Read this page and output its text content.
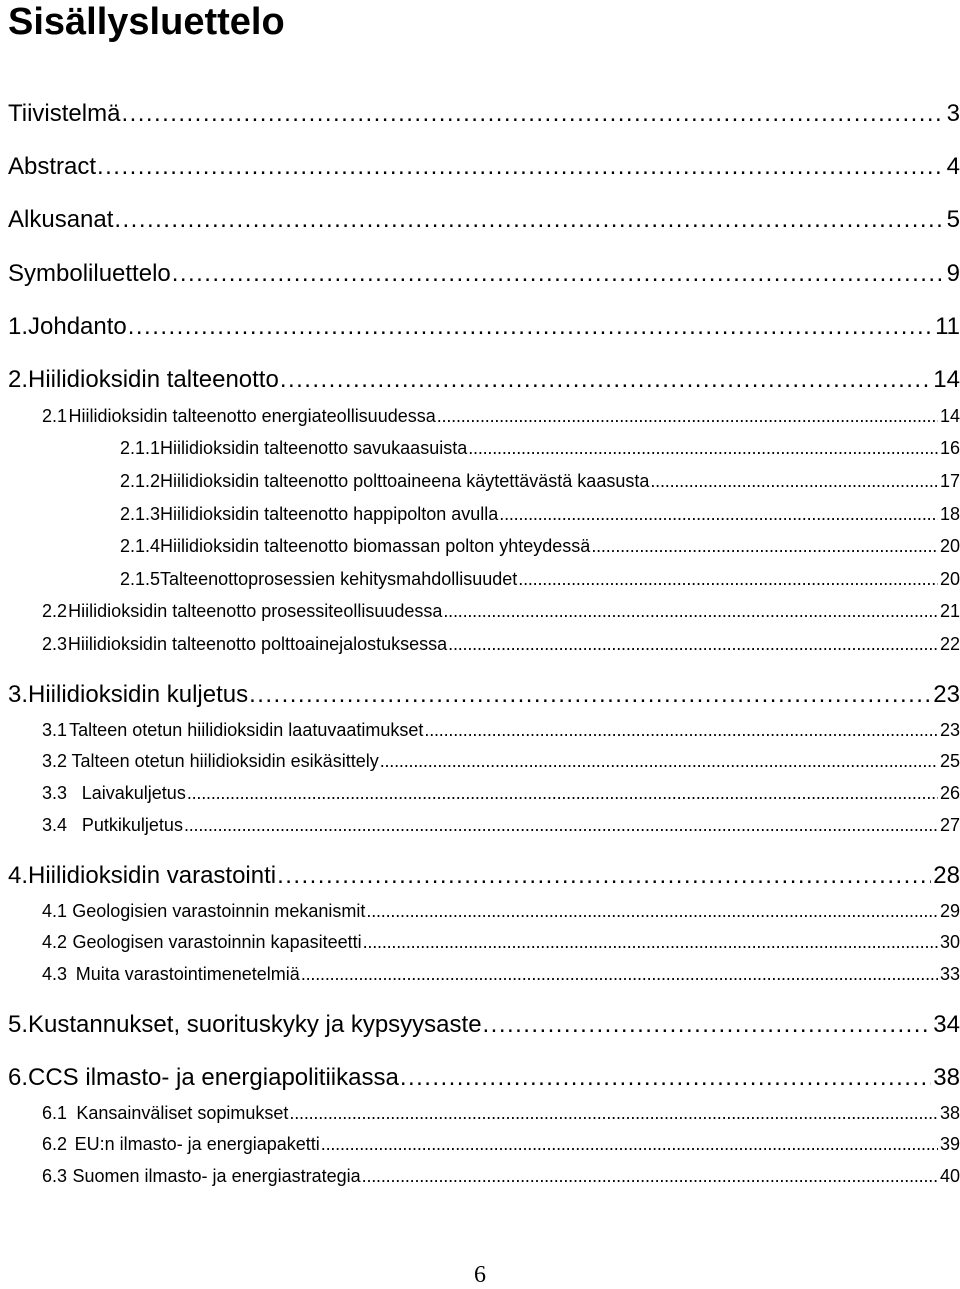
Sisällysluettelo
Tiivistelmä . . .	3
Abstract . . .	4
Alkusanat . . .	5
Symboliluettelo . . .	9
1. Johdanto . . .	11
2. Hiilidioksidin talteenotto . . .	14
2.1 Hiilidioksidin talteenotto energiateollisuudessa . . .	14
2.1.1 Hiilidioksidin talteenotto savukaasuista . . .	16
2.1.2 Hiilidioksidin talteenotto polttoaineena käytettävästä kaasusta . . .	17
2.1.3 Hiilidioksidin talteenotto happipolton avulla . . .	18
2.1.4 Hiilidioksidin talteenotto biomassan polton yhteydessä . . .	20
2.1.5 Talteenottoprosessien kehitysmahdollisuudet . . .	20
2.2 Hiilidioksidin talteenotto prosessiteollisuudessa . . .	21
2.3 Hiilidioksidin talteenotto polttoainejalostuksessa . . .	22
3. Hiilidioksidin kuljetus . . .	23
3.1 Talteen otetun hiilidioksidin laatuvaatimukset . . .	23
3.2 Talteen otetun hiilidioksidin esikäsittely . . .	25
3.3 Laivakuljetus . . .	26
3.4 Putkikuljetus . . .	27
4. Hiilidioksidin varastointi . . .	28
4.1 Geologisien varastoinnin mekanismit . . .	29
4.2 Geologisen varastoinnin kapasiteetti . . .	30
4.3 Muita varastointimenetelmiä . . .	33
5. Kustannukset, suorituskyky ja kypsyysaste . . .	34
6. CCS ilmasto- ja energiapolitiikassa . . .	38
6.1 Kansainväliset sopimukset . . .	38
6.2 EU:n ilmasto- ja energiapaketti . . .	39
6.3 Suomen ilmasto- ja energiastrategia . . .	40
6
